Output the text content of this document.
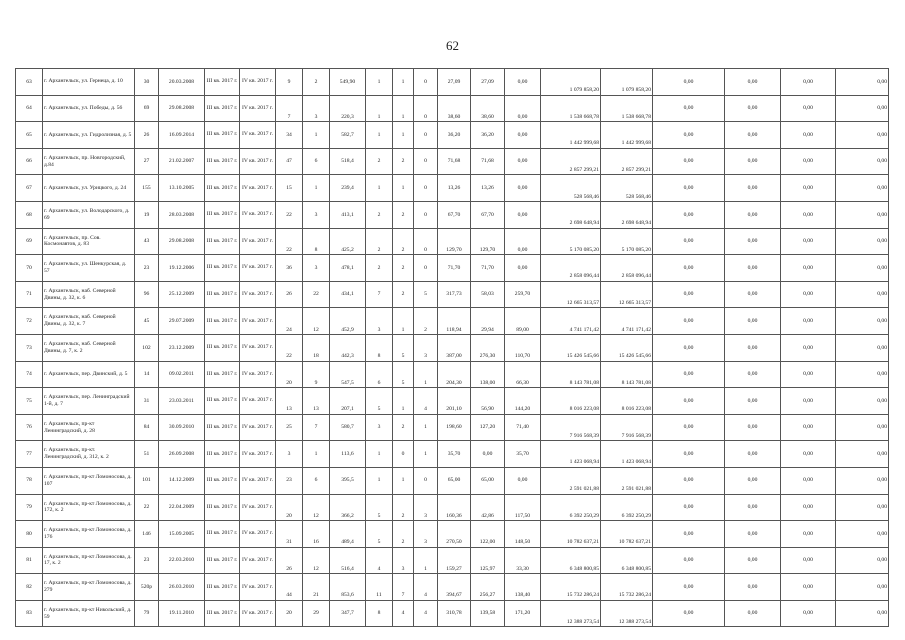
62
63	г. Архангельск, ул. Гернеца, д. 10	30	20.03.2008	III кв. 2017 г.	IV кв. 2017 г.	9	2	549,90	1	1	0	27,09	27,09	0,00	1 079 858,20	1 079 858,20	0,00	0,00	0,00	0,00
64	г. Архангельск, ул. Победы, д. 56	69	29.08.2008	III кв. 2017 г.	IV кв. 2017 г.	7	3	220,3	1	1	0	38,60	38,60	0,00	1 538 668,78	1 538 668,78	0,00	0,00	0,00	0,00
65	г. Архангельск, ул. Гидролизная, д. 5	26	16.09.2014	III кв. 2017 г.	IV кв. 2017 г.	34	1	582,7	1	1	0	36,20	36,20	0,00	1 442 999,68	1 442 999,68	0,00	0,00	0,00	0,00
66	г. Архангельск, пр. Новгородский, д.84	27	21.02.2007	III кв. 2017 г.	IV кв. 2017 г.	47	6	518,4	2	2	0	71,68	71,68	0,00	2 857 299,21	2 857 299,21	0,00	0,00	0,00	0,00
67	г. Архангельск, ул. Урицкого, д. 24	155	13.10.2005	III кв. 2017 г.	IV кв. 2017 г.	15	1	239,4	1	1	0	13,26	13,26	0,00	528 568,46	528 568,46	0,00	0,00	0,00	0,00
68	г. Архангельск, ул. Володарского, д. 69	19	28.03.2008	III кв. 2017 г.	IV кв. 2017 г.	22	3	413,1	2	2	0	67,70	67,70	0,00	2 698 648,94	2 698 648,94	0,00	0,00	0,00	0,00
69	г. Архангельск, пр. Сов. Космонавтов, д. 83	43	29.08.2008	III кв. 2017 г.	IV кв. 2017 г.	22	8	425,2	2	2	0	129,70	129,70	0,00	5 170 085,20	5 170 085,20	0,00	0,00	0,00	0,00
70	г. Архангельск, ул. Шенкурская, д. 57	23	19.12.2006	III кв. 2017 г.	IV кв. 2017 г.	36	3	478,1	2	2	0	71,70	71,70	0,00	2 858 096,44	2 858 096,44	0,00	0,00	0,00	0,00
71	г. Архангельск, наб. Северной Двины, д. 32, к. 6	96	25.12.2009	III кв. 2017 г.	IV кв. 2017 г.	26	22	434,1	7	2	5	317,73	58,03	259,70	12 665 313,57	12 665 313,57	0,00	0,00	0,00	0,00
72	г. Архангельск, наб. Северной Двины, д. 32, к. 7	45	29.07.2009	III кв. 2017 г.	IV кв. 2017 г.	24	12	452,9	3	1	2	118,94	29,94	89,00	4 741 171,42	4 741 171,42	0,00	0,00	0,00	0,00
73	г. Архангельск, наб. Северной Двины, д. 7, к. 2	102	23.12.2009	III кв. 2017 г.	IV кв. 2017 г.	22	18	442,3	8	5	3	387,00	276,30	110,70	15 426 545,66	15 426 545,66	0,00	0,00	0,00	0,00
74	г. Архангельск, пер. Двинский, д. 5	14	09.02.2011	III кв. 2017 г.	IV кв. 2017 г.	20	9	547,5	6	5	1	204,30	138,00	66,30	8 143 781,08	8 143 781,08	0,00	0,00	0,00	0,00
75	г. Архангельск, пер. Ленинградский 1-й, д. 7	31	23.03.2011	III кв. 2017 г.	IV кв. 2017 г.	13	13	207,1	5	1	4	201,10	56,90	144,20	8 016 223,08	8 016 223,08	0,00	0,00	0,00	0,00
76	г. Архангельск, пр-кт Ленинградский, д. 28	84	30.09.2010	III кв. 2017 г.	IV кв. 2017 г.	25	7	580,7	3	2	1	198,60	127,20	71,40	7 916 568,39	7 916 568,39	0,00	0,00	0,00	0,00
77	г. Архангельск, пр-кт. Ленинградский, д. 312, к. 2	51	26.09.2008	III кв. 2017 г.	IV кв. 2017 г.	3	1	113,6	1	0	1	35,70	0,00	35,70	1 423 068,94	1 423 068,94	0,00	0,00	0,00	0,00
78	г. Архангельск, пр-кт Ломоносова, д. 107	101	14.12.2009	III кв. 2017 г.	IV кв. 2017 г.	23	6	395,5	1	1	0	65,00	65,00	0,00	2 591 021,88	2 591 021,88	0,00	0,00	0,00	0,00
79	г. Архангельск, пр-кт Ломоносова, д. 172, к. 2	22	22.04.2009	III кв. 2017 г.	IV кв. 2017 г.	20	12	366,2	5	2	3	160,36	42,86	117,50	6 392 250,29	6 392 250,29	0,00	0,00	0,00	0,00
80	г. Архангельск, пр-кт Ломоносова, д. 176	146	15.09.2005	III кв. 2017 г.	IV кв. 2017 г.	31	16	489,4	5	2	3	270,50	122,00	148,50	10 782 637,21	10 782 637,21	0,00	0,00	0,00	0,00
81	г. Архангельск, пр-кт Ломоносова, д. 17, к. 2	23	22.03.2010	III кв. 2017 г.	IV кв. 2017 г.	26	12	516,4	4	3	1	159,27	125,97	33,30	6 348 800,85	6 348 800,85	0,00	0,00	0,00	0,00
82	г. Архангельск, пр-кт Ломоносова, д. 279	520р	26.03.2010	III кв. 2017 г.	IV кв. 2017 г.	44	21	853,6	11	7	4	394,67	256,27	138,40	15 732 286,24	15 732 286,24	0,00	0,00	0,00	0,00
83	г. Архангельск, пр-кт Никольский, д. 59	79	19.11.2010	III кв. 2017 г.	IV кв. 2017 г.	20	29	347,7	8	4	4	310,78	139,58	171,20	12 388 273,54	12 388 273,54	0,00	0,00	0,00	0,00
